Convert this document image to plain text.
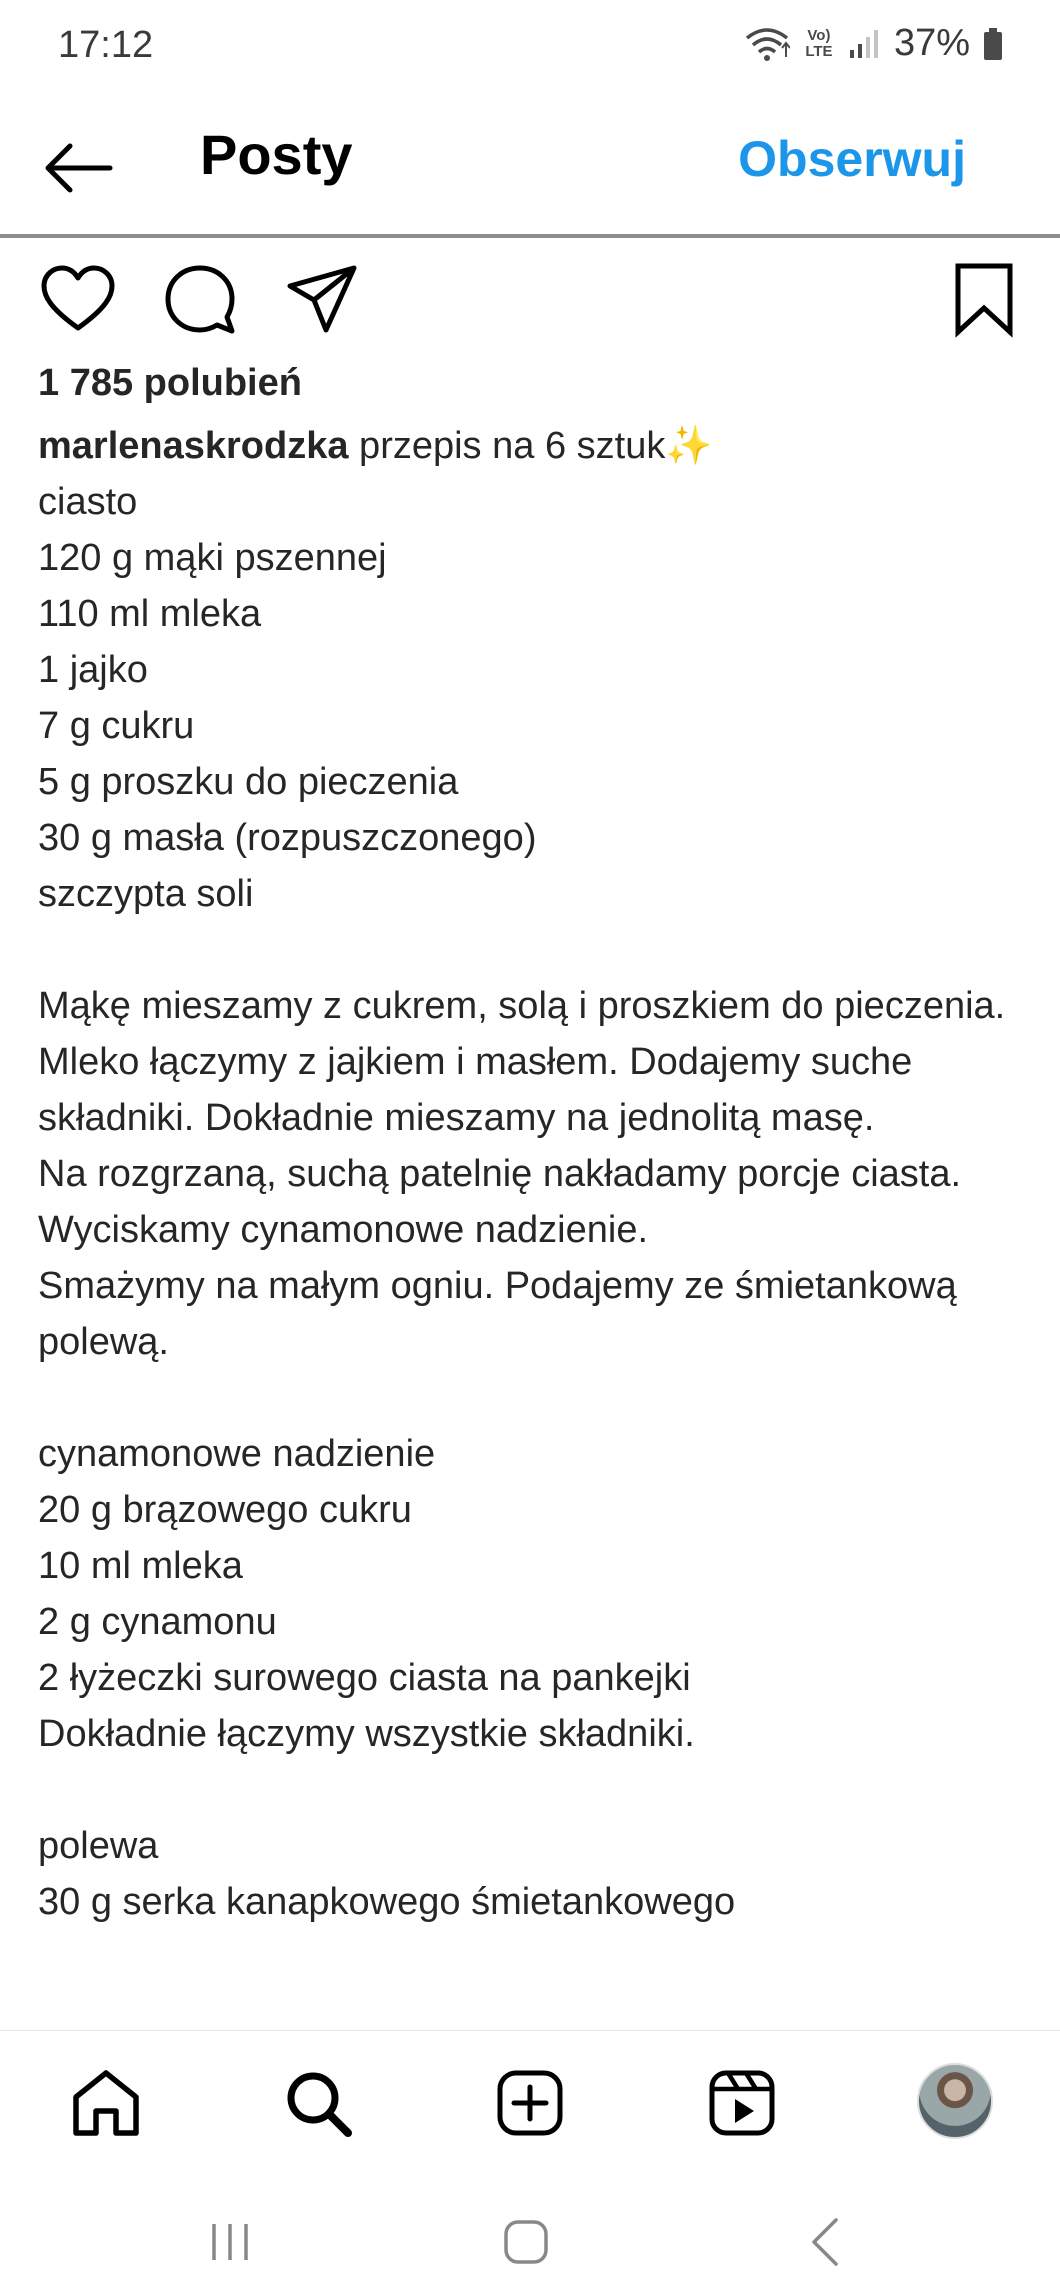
17:12	Vo) LTE 37%
Posty	Obserwuj
1 785 polubień
marlenaskrodzka przepis na 6 sztuk✨
ciasto
120 g mąki pszennej
110 ml mleka
1 jajko
7 g cukru
5 g proszku do pieczenia
30 g masła (rozpuszczonego)
szczypta soli

Mąkę mieszamy z cukrem, solą i proszkiem do pieczenia.
Mleko łączymy z jajkiem i masłem. Dodajemy suche składniki. Dokładnie mieszamy na jednolitą masę.
Na rozgrzaną, suchą patelnię nakładamy porcje ciasta. Wyciskamy cynamonowe nadzienie.
Smażymy na małym ogniu. Podajemy ze śmietankową polewą.

cynamonowe nadzienie
20 g brązowego cukru
10 ml mleka
2 g cynamonu
2 łyżeczki surowego ciasta na pankejki
Dokładnie łączymy wszystkie składniki.

polewa
30 g serka kanapkowego śmietankowego
